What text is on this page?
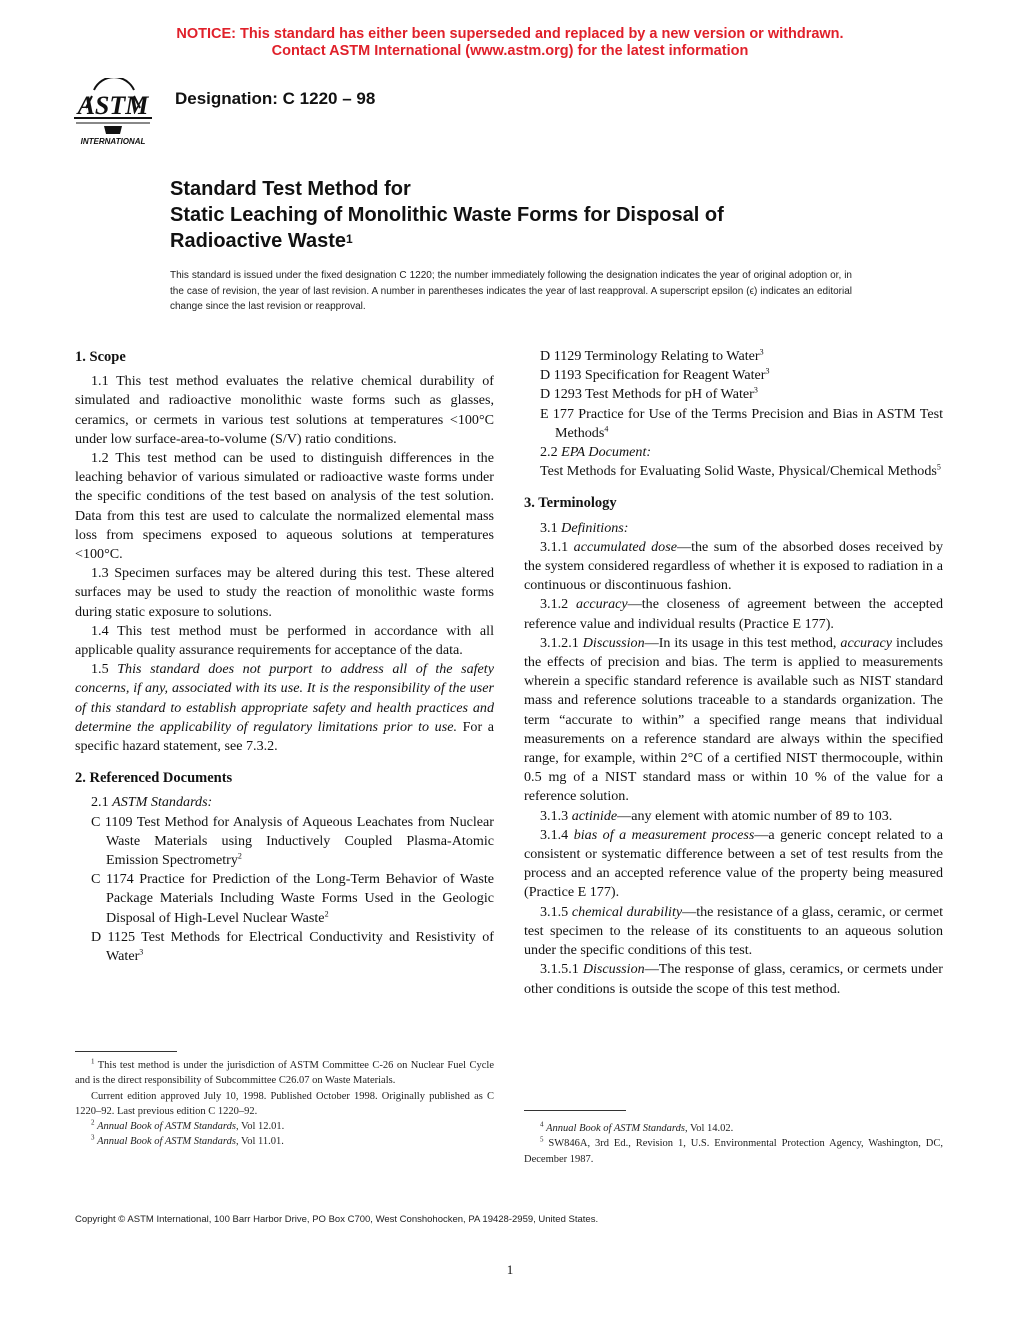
NOTICE: This standard has either been superseded and replaced by a new version or withdrawn.
Contact ASTM International (www.astm.org) for the latest information
ASTM
INTERNATIONAL
Designation: C 1220 – 98
Standard Test Method for
Static Leaching of Monolithic Waste Forms for Disposal of
Radioactive Waste$^1$
This standard is issued under the fixed designation C 1220; the number immediately following the designation indicates the year of original adoption or, in the case of revision, the year of last revision. A number in parentheses indicates the year of last reapproval. A superscript epsilon (ϵ) indicates an editorial change since the last revision or reapproval.
1. Scope

1.1 This test method evaluates the relative chemical durability of simulated and radioactive monolithic waste forms such as glasses, ceramics, or cermets in various test solutions at temperatures <100°C under low surface-area-to-volume (S/V) ratio conditions.

1.2 This test method can be used to distinguish differences in the leaching behavior of various simulated or radioactive waste forms under the specific conditions of the test based on analysis of the test solution. Data from this test are used to calculate the normalized elemental mass loss from specimens exposed to aqueous solutions at temperatures <100°C.

1.3 Specimen surfaces may be altered during this test. These altered surfaces may be used to study the reaction of monolithic waste forms during static exposure to solutions.

1.4 This test method must be performed in accordance with all applicable quality assurance requirements for acceptance of the data.

1.5 This standard does not purport to address all of the safety concerns, if any, associated with its use. It is the responsibility of the user of this standard to establish appropriate safety and health practices and determine the applicability of regulatory limitations prior to use. For a specific hazard statement, see 7.3.2.

2. Referenced Documents

2.1 ASTM Standards:

C 1109 Test Method for Analysis of Aqueous Leachates from Nuclear Waste Materials using Inductively Coupled Plasma-Atomic Emission Spectrometry$^2$

C 1174 Practice for Prediction of the Long-Term Behavior of Waste Package Materials Including Waste Forms Used in the Geologic Disposal of High-Level Nuclear Waste$^2$

D 1125 Test Methods for Electrical Conductivity and Resistivity of Water$^3$

$^1$ This test method is under the jurisdiction of ASTM Committee C-26 on Nuclear Fuel Cycle and is the direct responsibility of Subcommittee C26.07 on Waste Materials.

Current edition approved July 10, 1998. Published October 1998. Originally published as C 1220–92. Last previous edition C 1220–92.

$^2$ Annual Book of ASTM Standards, Vol 12.01.

$^3$ Annual Book of ASTM Standards, Vol 11.01.

D 1129 Terminology Relating to Water$^3$

D 1193 Specification for Reagent Water$^3$

D 1293 Test Methods for pH of Water$^3$

E 177 Practice for Use of the Terms Precision and Bias in ASTM Test Methods$^4$

2.2 EPA Document:

Test Methods for Evaluating Solid Waste, Physical/Chemical Methods$^5$

3. Terminology

3.1 Definitions:

3.1.1 accumulated dose—the sum of the absorbed doses received by the system considered regardless of whether it is exposed to radiation in a continuous or discontinuous fashion.

3.1.2 accuracy—the closeness of agreement between the accepted reference value and individual results (Practice E 177).

3.1.2.1 Discussion—In its usage in this test method, accuracy includes the effects of precision and bias. The term is applied to measurements wherein a specific standard reference is available such as NIST standard mass and reference solutions traceable to a standards organization. The term “accurate to within” a specified range means that individual measurements on a reference standard are always within the specified range, for example, within 2°C of a certified NIST thermocouple, within 0.5 mg of a NIST standard mass or within 10 % of the value for a reference solution.

3.1.3 actinide—any element with atomic number of 89 to 103.

3.1.4 bias of a measurement process—a generic concept related to a consistent or systematic difference between a set of test results from the process and an accepted reference value of the property being measured (Practice E 177).

3.1.5 chemical durability—the resistance of a glass, ceramic, or cermet test specimen to the release of its constituents to an aqueous solution under the specific conditions of this test.

3.1.5.1 Discussion—The response of glass, ceramics, or cermets under other conditions is outside the scope of this test method.

$^4$ Annual Book of ASTM Standards, Vol 14.02.

$^5$ SW846A, 3rd Ed., Revision 1, U.S. Environmental Protection Agency, Washington, DC, December 1987.

Copyright © ASTM International, 100 Barr Harbor Drive, PO Box C700, West Conshohocken, PA 19428-2959, United States.
1
